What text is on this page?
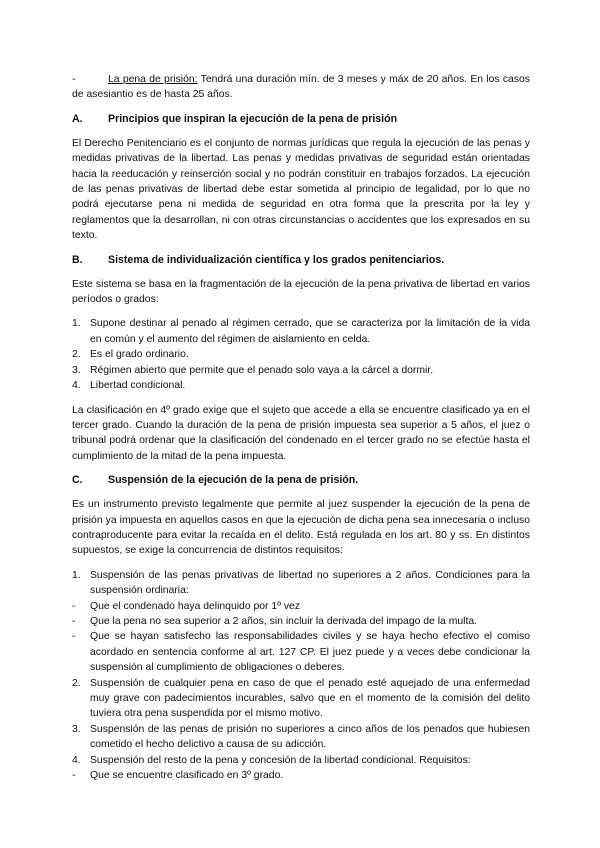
-	La pena de prisión: Tendrá una duración mín. de 3 meses y máx de 20 años. En los casos de asesiantio es de hasta 25 años.

A. Principios que inspiran la ejecución de la pena de prisión

El Derecho Penitenciario es el conjunto de normas jurídicas que regula la ejecución de las penas y medidas privativas de la libertad. Las penas y medidas privativas de seguridad están orientadas hacia la reeducación y reinserción social y no podrán constituir en trabajos forzados. La ejecución de las penas privativas de libertad debe estar sometida al principio de legalidad, por lo que no podrá ejecutarse pena ni medida de seguridad en otra forma que la prescrita por la ley y reglamentos que la desarrollan, ni con otras circunstancias o accidentes que los expresados en su texto.

B. Sistema de individualización científica y los grados penitenciarios.

Este sistema se basa en la fragmentación de la ejecución de la pena privativa de libertad en varios períodos o grados:

1. Supone destinar al penado al régimen cerrado, que se caracteriza por la limitación de la vida en común y el aumento del régimen de aislamiento en celda.
2. Es el grado ordinario.
3. Régimen abierto que permite que el penado solo vaya a la cárcel a dormir.
4. Libertad condicional.

La clasificación en 4º grado exige que el sujeto que accede a ella se encuentre clasificado ya en el tercer grado. Cuando la duración de la pena de prisión impuesta sea superior a 5 años, el juez o tribunal podrá ordenar que la clasificación del condenado en el tercer grado no se efectúe hasta el cumplimiento de la mitad de la pena impuesta.

C. Suspensión de la ejecución de la pena de prisión.

Es un instrumento previsto legalmente que permite al juez suspender la ejecución de la pena de prisión ya impuesta en aquellos casos en que la ejecución de dicha pena sea innecesaria o incluso contraproducente para evitar la recaída en el delito. Está regulada en los art. 80 y ss. En distintos supuestos, se exige la concurrencia de distintos requisitos:

1. Suspensión de las penas privativas de libertad no superiores a 2 años. Condiciones para la suspensión ordinaria:
- Que el condenado haya delinquido por 1º vez
- Que la pena no sea superior a 2 años, sin incluir la derivada del impago de la multa.
- Que se hayan satisfecho las responsabilidades civiles y se haya hecho efectivo el comiso acordado en sentencia conforme al art. 127 CP. El juez puede y a veces debe condicionar la suspensión al cumplimiento de obligaciones o deberes.
2. Suspensión de cualquier pena en caso de que el penado esté aquejado de una enfermedad muy grave con padecimientos incurables, salvo que en el momento de la comisión del delito tuviera otra pena suspendida por el mismo motivo.
3. Suspensión de las penas de prisión no superiores a cinco años de los penados que hubiesen cometido el hecho delictivo a causa de su adicción.
4. Suspensión del resto de la pena y concesión de la libertad condicional. Requisitos:
- Que se encuentre clasificado en 3º grado.
